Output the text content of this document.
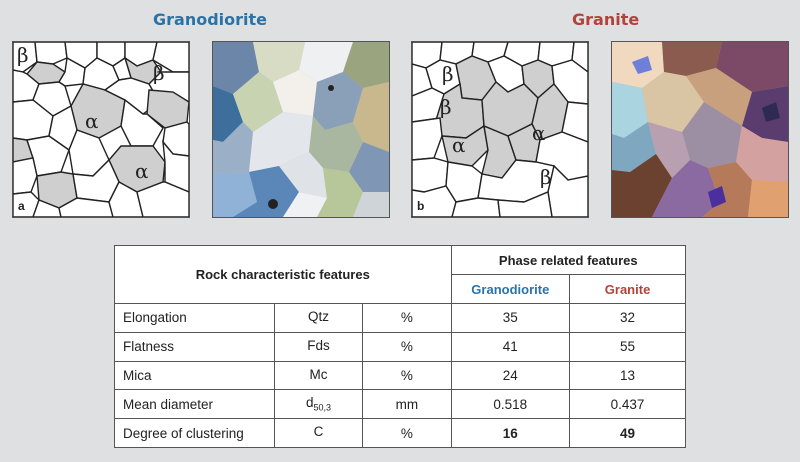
Granodiorite	Granite
β
β
α
α
a
β
β
α	α
β
b
Rock characteristic features			Phase related features	
			Granodiorite	Granite
Elongation	Qtz	%	35	32
Flatness	Fds	%	41	55
Mica	Mc	%	24	13
Mean diameter	$d_{50,3}$	mm	0.518	0.437
Degree of clustering	C	%	16	49
